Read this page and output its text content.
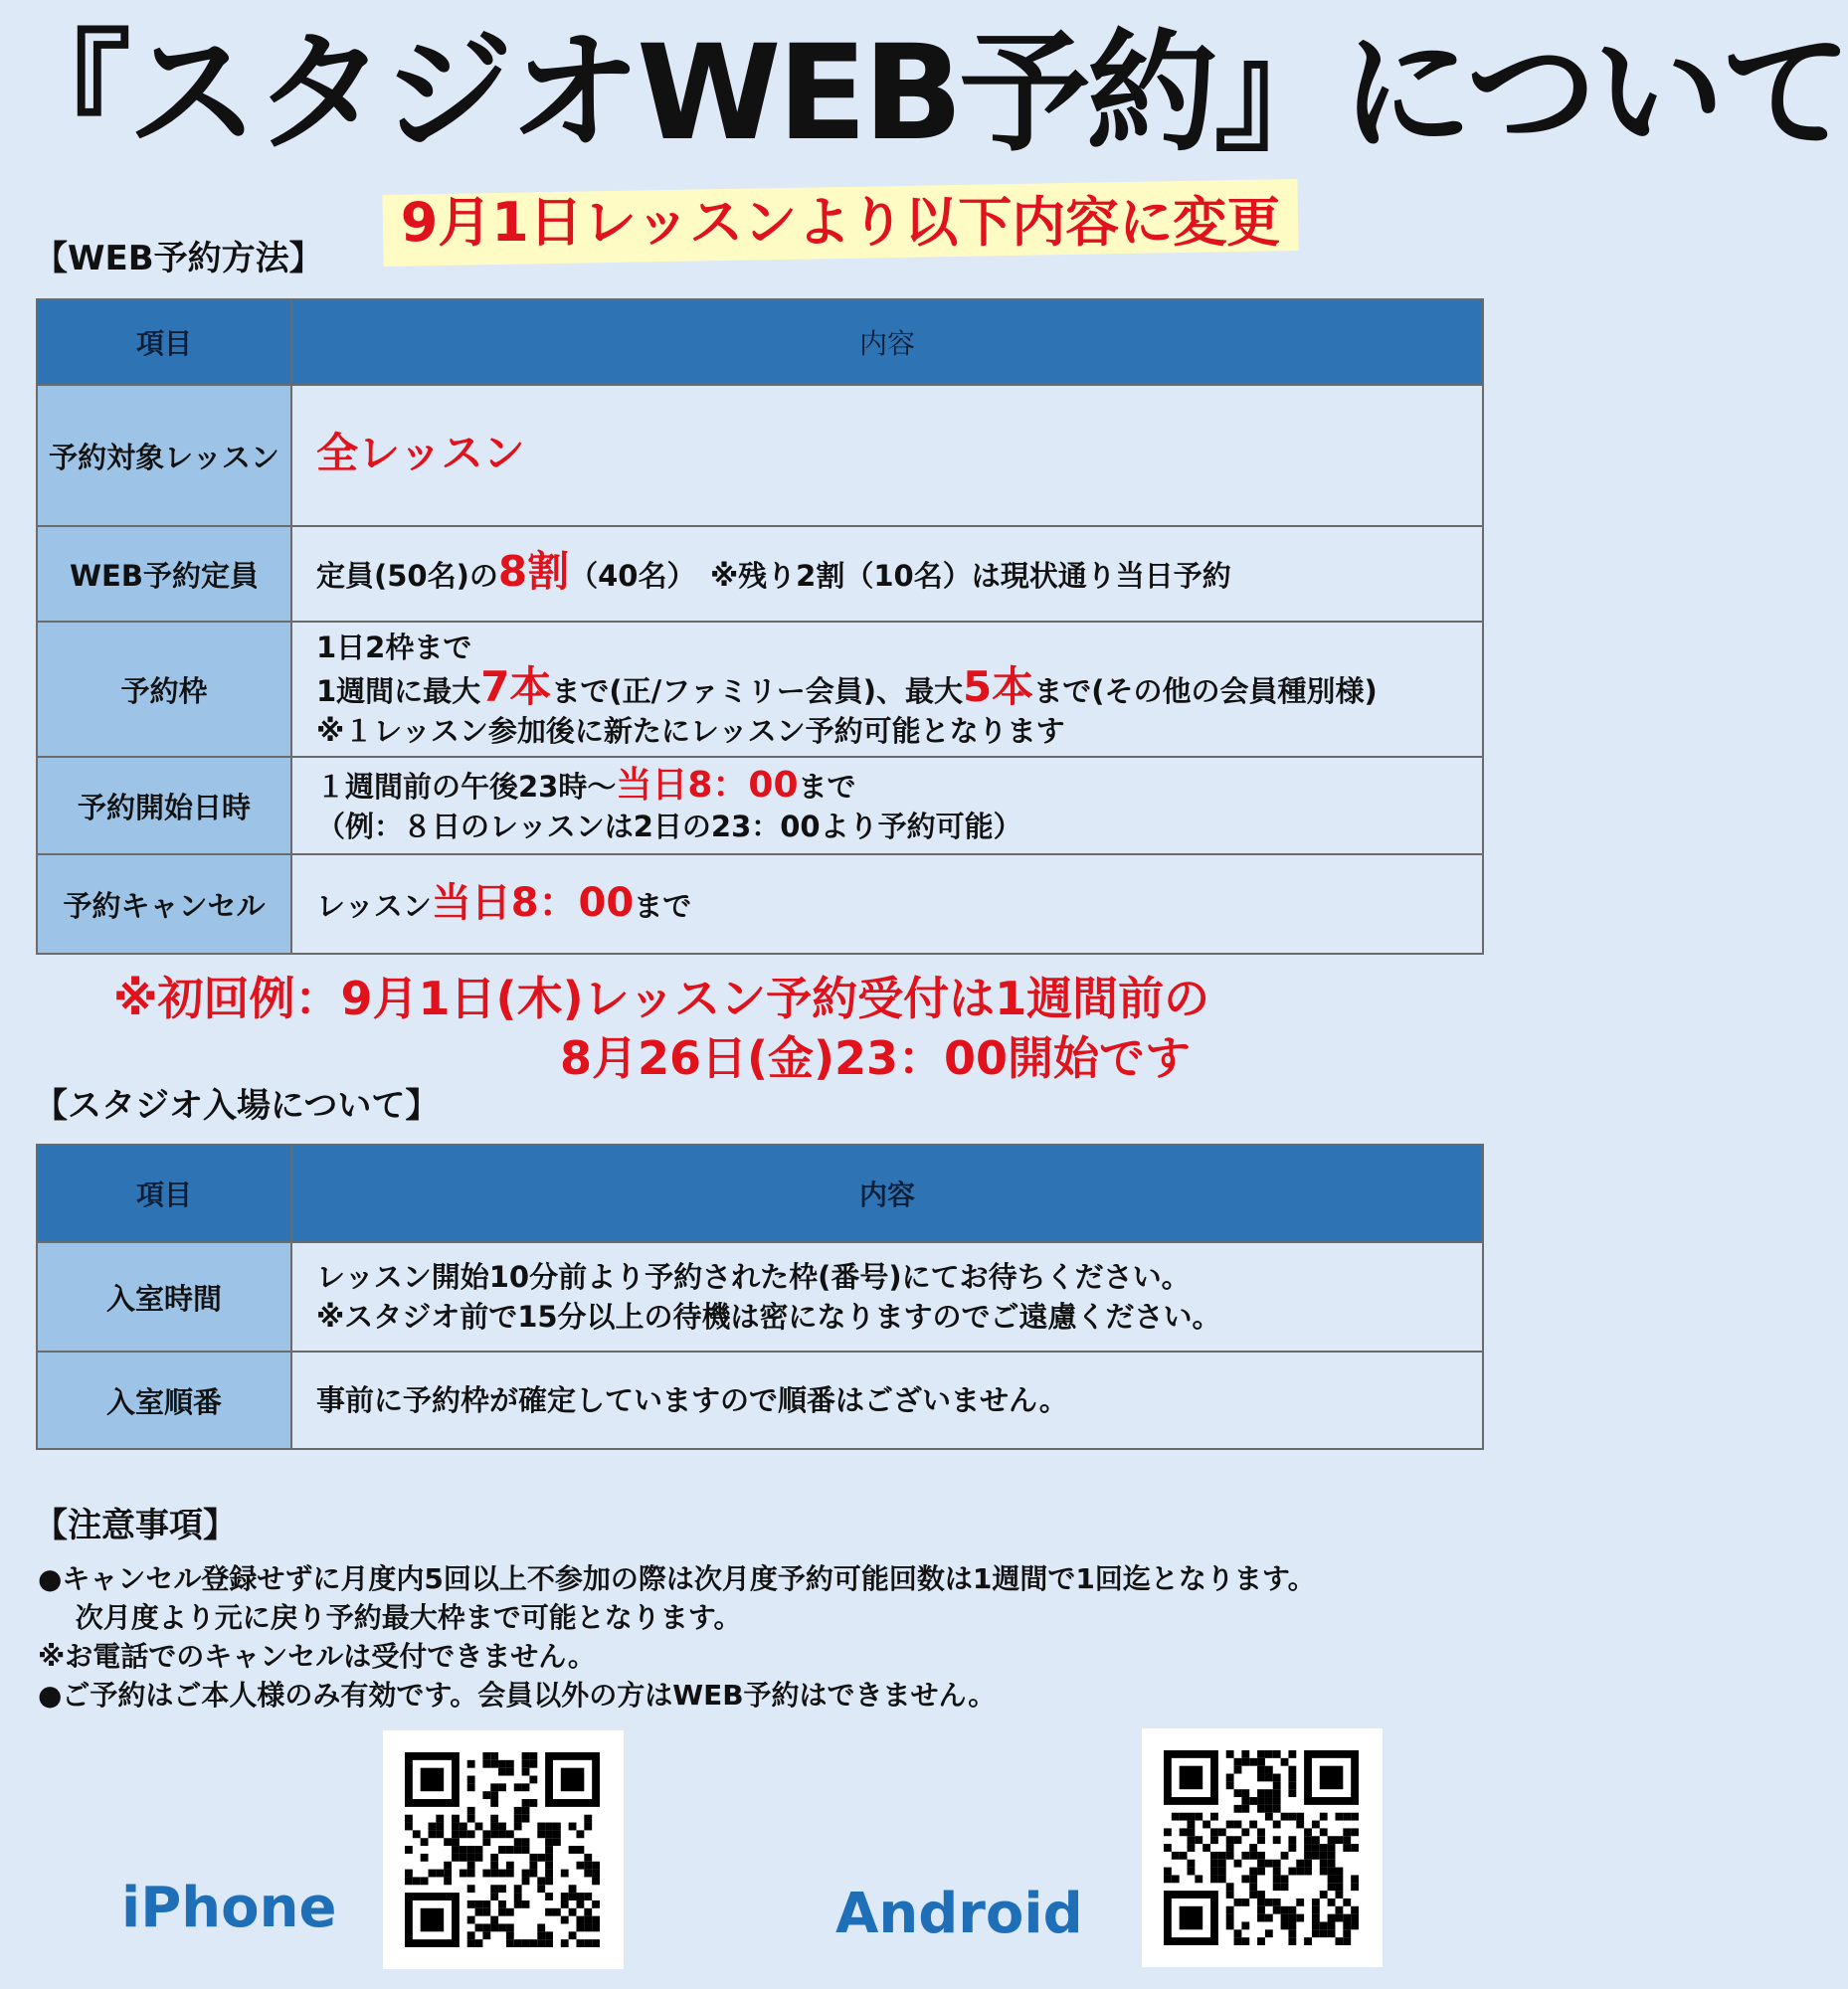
『スタジオWEB予約』について
9月1日レッスンより以下内容に変更
【WEB予約方法】
項目	内容
予約対象レッスン	全レッスン
WEB予約定員	定員(50名)の8割（40名）　※残り2割（10名）は現状通り当日予約
予約枠	1日2枠まで
1週間に最大7本まで(正/ファミリー会員)、最大5本まで(その他の会員種別様)
※１レッスン参加後に新たにレッスン予約可能となります

予約開始日時	１週間前の午後23時～当日8：00まで
（例：８日のレッスンは2日の23：00より予約可能）

予約キャンセル	レッスン当日8：00まで
※初回例：9月1日(木)レッスン予約受付は1週間前の
8月26日(金)23：00開始です
【スタジオ入場について】
項目	内容
入室時間	レッスン開始10分前より予約された枠(番号)にてお待ちください。
※スタジオ前で15分以上の待機は密になりますのでご遠慮ください。

入室順番	事前に予約枠が確定していますので順番はございません。
【注意事項】
●キャンセル登録せずに月度内5回以上不参加の際は次月度予約可能回数は1週間で1回迄となります。
　 次月度より元に戻り予約最大枠まで可能となります。
※お電話でのキャンセルは受付できません。
●ご予約はご本人様のみ有効です。会員以外の方はWEB予約はできません。
iPhone	Android
